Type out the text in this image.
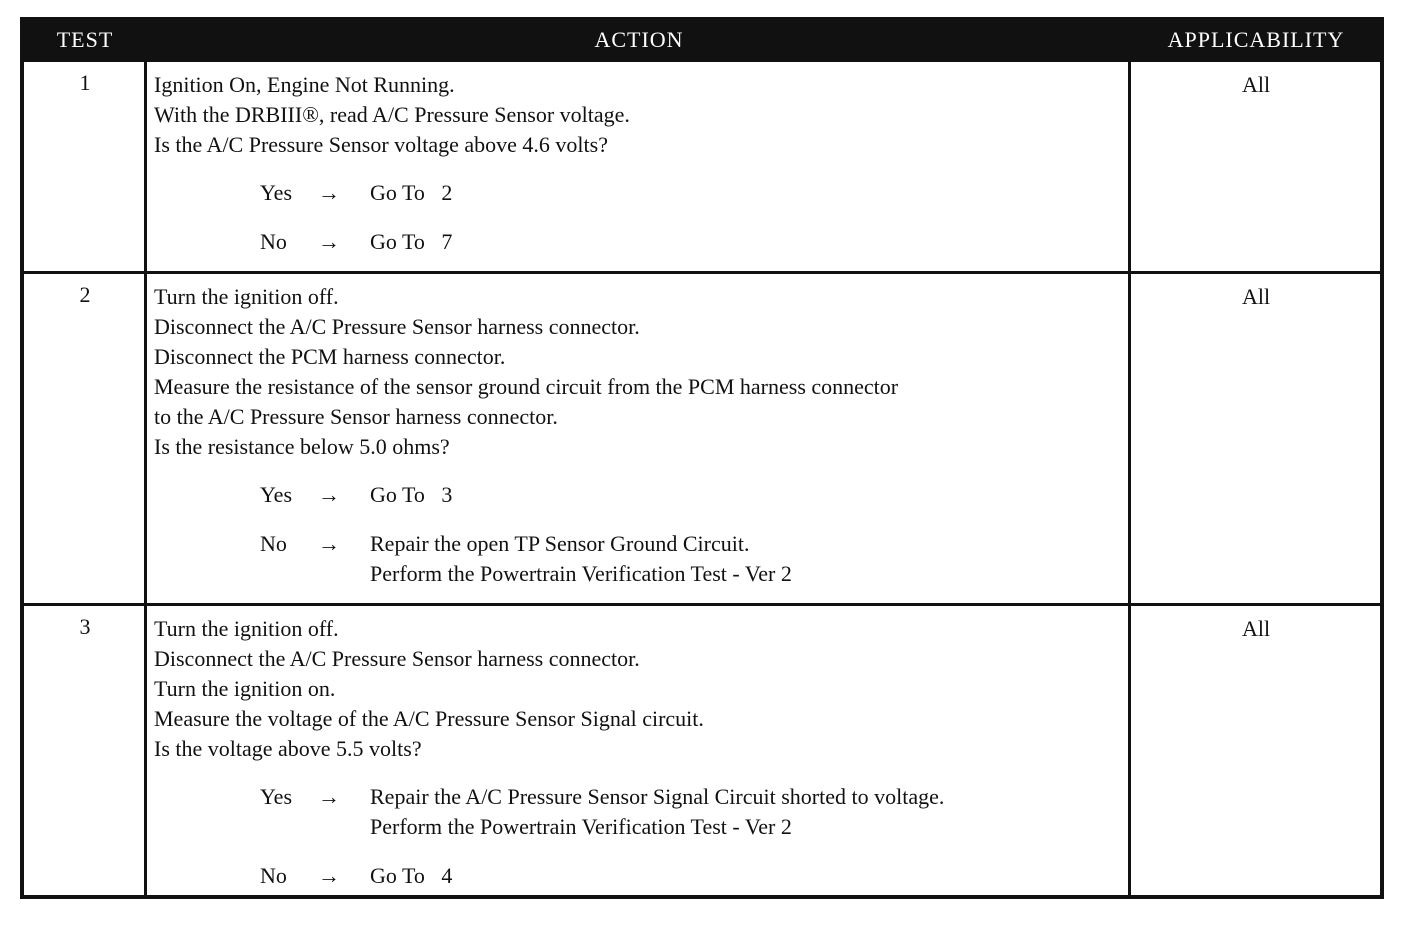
TEST	ACTION	APPLICABILITY
1	Ignition On, Engine Not Running.
With the DRBIII®, read A/C Pressure Sensor voltage.
Is the A/C Pressure Sensor voltage above 4.6 volts?
Yes	→	Go To   2
No	→	Go To   7
All
2	Turn the ignition off.
Disconnect the A/C Pressure Sensor harness connector.
Disconnect the PCM harness connector.
Measure the resistance of the sensor ground circuit from the PCM harness connector
to the A/C Pressure Sensor harness connector.
Is the resistance below 5.0 ohms?
Yes	→	Go To   3
No	→	Repair the open TP Sensor Ground Circuit.
Perform the Powertrain Verification Test - Ver 2
All
3	Turn the ignition off.
Disconnect the A/C Pressure Sensor harness connector.
Turn the ignition on.
Measure the voltage of the A/C Pressure Sensor Signal circuit.
Is the voltage above 5.5 volts?
Yes	→	Repair the A/C Pressure Sensor Signal Circuit shorted to voltage.
Perform the Powertrain Verification Test - Ver 2
No	→	Go To   4
All
